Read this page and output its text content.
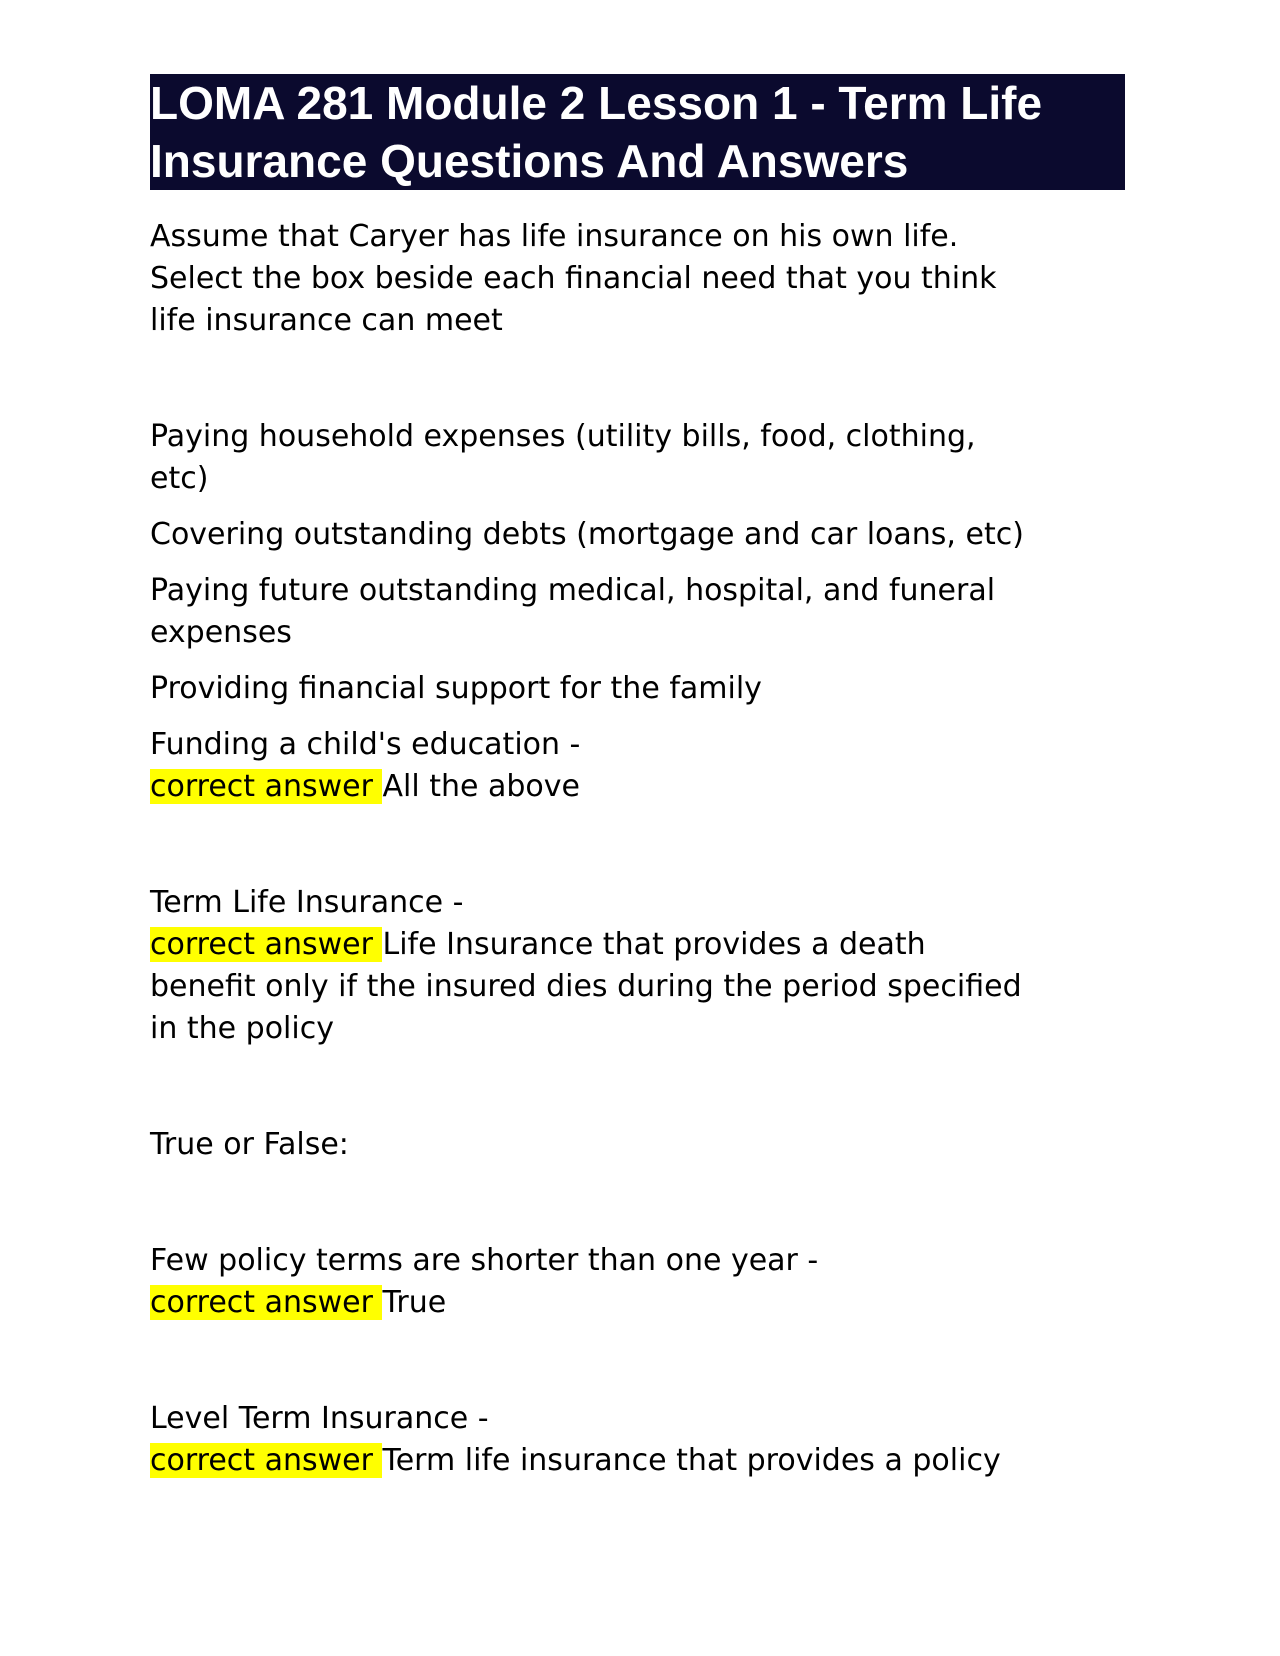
LOMA 281 Module 2 Lesson 1 - Term Life
Insurance Questions And Answers
Assume that Caryer has life insurance on his own life.
Select the box beside each financial need that you think
life insurance can meet
Paying household expenses (utility bills, food, clothing,
etc)
Covering outstanding debts (mortgage and car loans, etc)
Paying future outstanding medical, hospital, and funeral
expenses
Providing financial support for the family
Funding a child's education -
correct answer All the above
Term Life Insurance -
correct answer Life Insurance that provides a death
benefit only if the insured dies during the period specified
in the policy
True or False:
Few policy terms are shorter than one year -
correct answer True
Level Term Insurance -
correct answer Term life insurance that provides a policy
